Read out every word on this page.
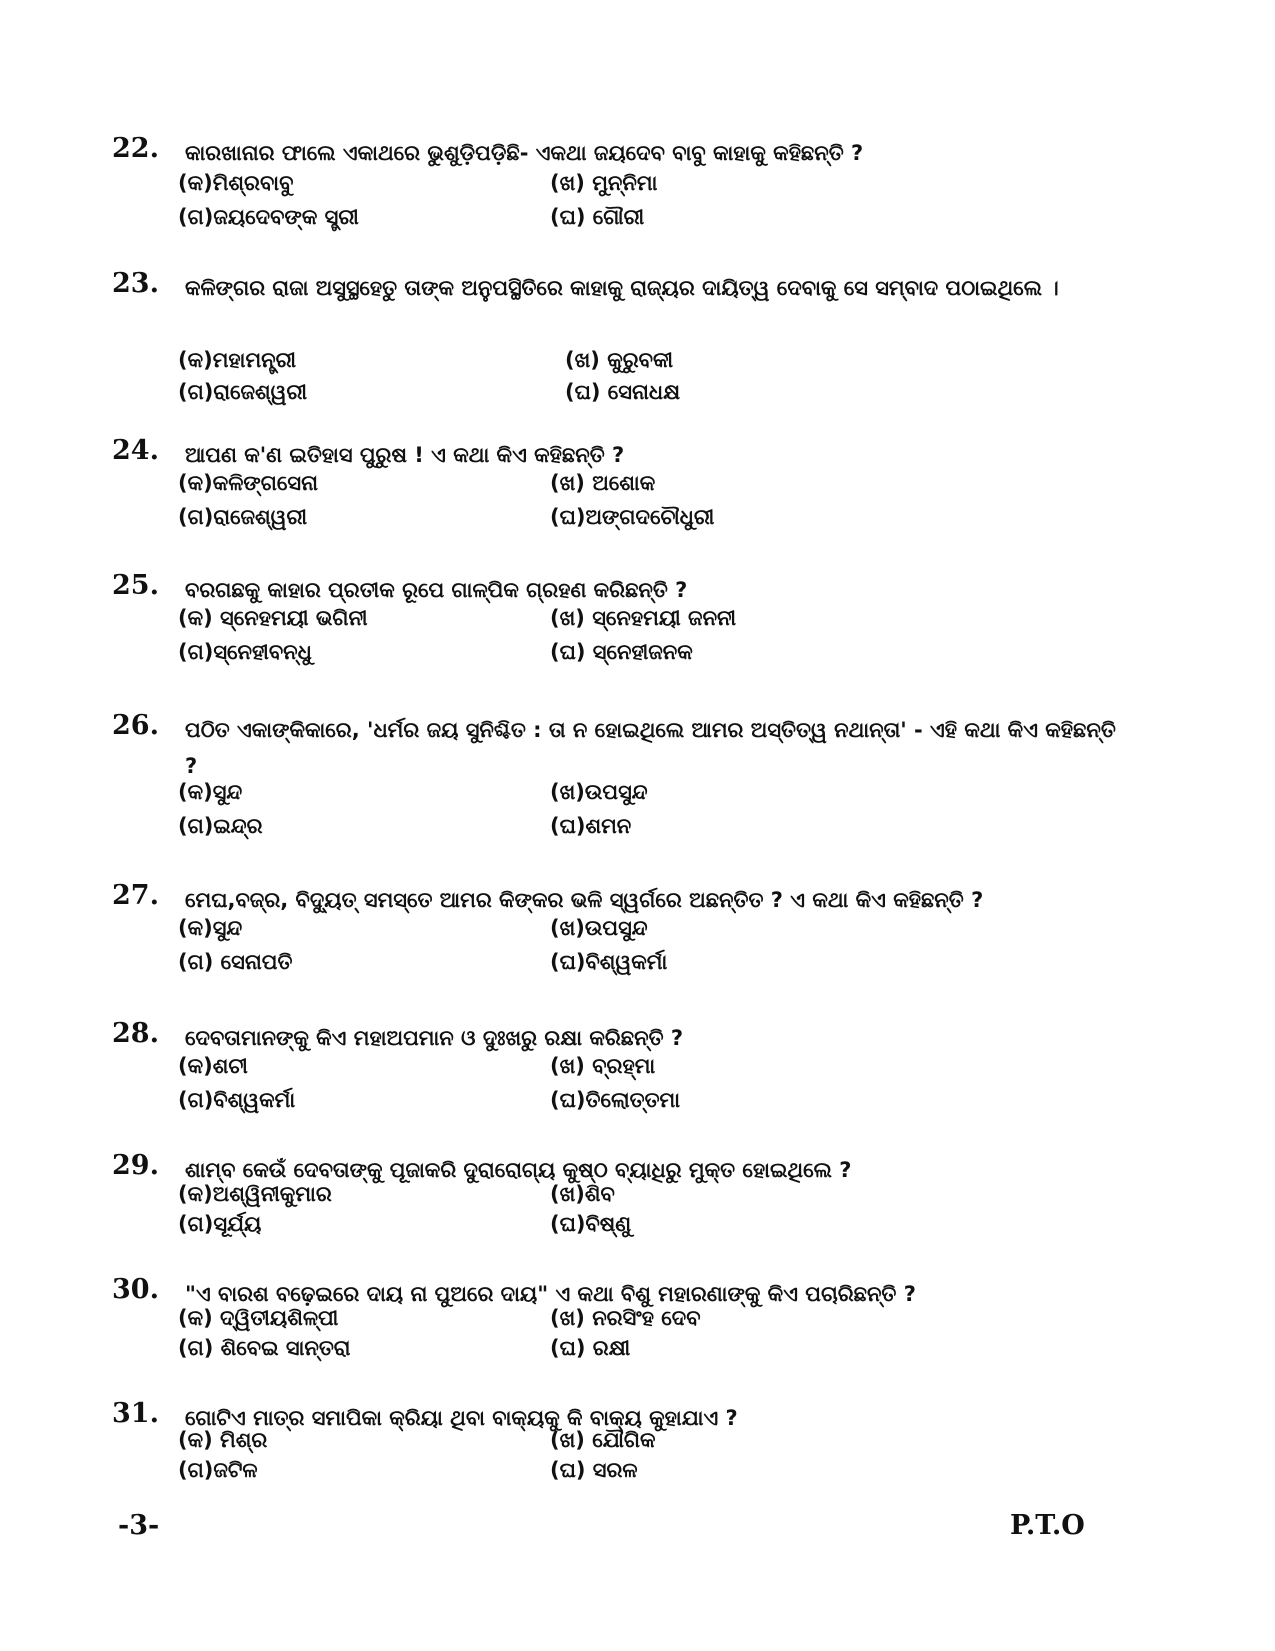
22. କାରଖାନାର ଫାଲେ ଏକାଥରେ ଭୁଶୁଡ଼ିପଡ଼ିଛି- ଏକଥା ଜୟଦେବ ବାବୁ କାହାକୁ କହିଛନ୍ତି ?
(କ)ମିଶ୍ରବାବୁ	(ଖ) ମୁନ୍ନିମା
(ଗ)ଜୟଦେବଙ୍କ ସ୍ତ୍ରୀ	(ଘ) ଗୌରୀ
23. କଳିଙ୍ଗର ରାଜା ଅସୁସ୍ଥହେତୁ ତାଙ୍କ ଅନୁପସ୍ଥିତିରେ କାହାକୁ ରାଜ୍ୟର ଦାୟିତ୍ୱ ଦେବାକୁ ସେ ସମ୍ବାଦ ପଠାଇଥିଲେ ।
(କ)ମହାମନ୍ତ୍ରୀ	(ଖ) କୁରୁବକୀ
(ଗ)ରାଜେଶ୍ୱରୀ	(ଘ) ସେନାଧକ୍ଷ
24. ଆପଣ କ'ଣ ଇତିହାସ ପୁରୁଷ ! ଏ କଥା କିଏ କହିଛନ୍ତି ?
(କ)କଳିଙ୍ଗସେନା	(ଖ) ଅଶୋକ
(ଗ)ରାଜେଶ୍ୱରୀ	(ଘ)ଅଙ୍ଗଦଚୌଧୁରୀ
25. ବରଗଛକୁ କାହାର ପ୍ରତୀକ ରୂପେ ଗାଳ୍ପିକ ଗ୍ରହଣ କରିଛନ୍ତି ?
(କ) ସ୍ନେହମୟୀ ଭଗିନୀ	(ଖ) ସ୍ନେହମୟୀ ଜନନୀ
(ଗ)ସ୍ନେହୀବନ୍ଧୁ	(ଘ) ସ୍ନେହୀଜନକ
26. ପଠିତ ଏକାଙ୍କିକାରେ, 'ଧର୍ମର ଜୟ ସୁନିଶ୍ଚିତ : ତା ନ ହୋଇଥିଲେ ଆମର ଅସ୍ତିତ୍ୱ ନଥାନ୍ତା' - ଏହି କଥା କିଏ କହିଛନ୍ତି ?
(କ)ସୁନ୍ଦ	(ଖ)ଉପସୁନ୍ଦ
(ଗ)ଇନ୍ଦ୍ର	(ଘ)ଶମନ
27. ମେଘ,ବଜ୍ର, ବିଦ୍ୟୁତ୍ ସମସ୍ତେ ଆମର କିଙ୍କର ଭଳି ସ୍ୱର୍ଗରେ ଅଛନ୍ତିତ ? ଏ କଥା କିଏ କହିଛନ୍ତି ?
(କ)ସୁନ୍ଦ	(ଖ)ଉପସୁନ୍ଦ
(ଗ) ସେନାପତି	(ଘ)ବିଶ୍ୱକର୍ମା
28. ଦେବତାମାନଙ୍କୁ କିଏ ମହାଅପମାନ ଓ ଦୁଃଖରୁ ରକ୍ଷା କରିଛନ୍ତି ?
(କ)ଶଚୀ	(ଖ) ବ୍ରହ୍ମା
(ଗ)ବିଶ୍ୱକର୍ମା	(ଘ)ତିଲୋତ୍ତମା
29. ଶାମ୍ବ କେଉଁ ଦେବତାଙ୍କୁ ପୂଜାକରି ଦୁରାରୋଗ୍ୟ କୁଷ୍ଠ ବ୍ୟାଧିରୁ ମୁକ୍ତ ହୋଇଥିଲେ ?
(କ)ଅଶ୍ୱିନୀକୁମାର	(ଖ)ଶିବ
(ଗ)ସୂର୍ଯ୍ୟ	(ଘ)ବିଷ୍ଣୁ
30. "ଏ ବାରଶ ବଢ଼େଇରେ ଦାୟ ନା ପୁଅରେ ଦାୟ" ଏ କଥା ବିଶୁ ମହାରଣାଙ୍କୁ କିଏ ପଚାରିଛନ୍ତି ?
(କ) ଦ୍ୱିତୀୟଶିଳ୍ପୀ	(ଖ) ନରସିଂହ ଦେବ
(ଗ) ଶିବେଇ ସାନ୍ତରା	(ଘ) ରକ୍ଷୀ
31. ଗୋଟିଏ ମାତ୍ର ସମାପିକା କ୍ରିୟା ଥିବା ବାକ୍ୟକୁ କି ବାକ୍ୟ କୁହାଯାଏ ?
(କ) ମିଶ୍ର	(ଖ) ଯୌଗିକ
(ଗ)ଜଟିଳ	(ଘ) ସରଳ
-3-	P.T.O
